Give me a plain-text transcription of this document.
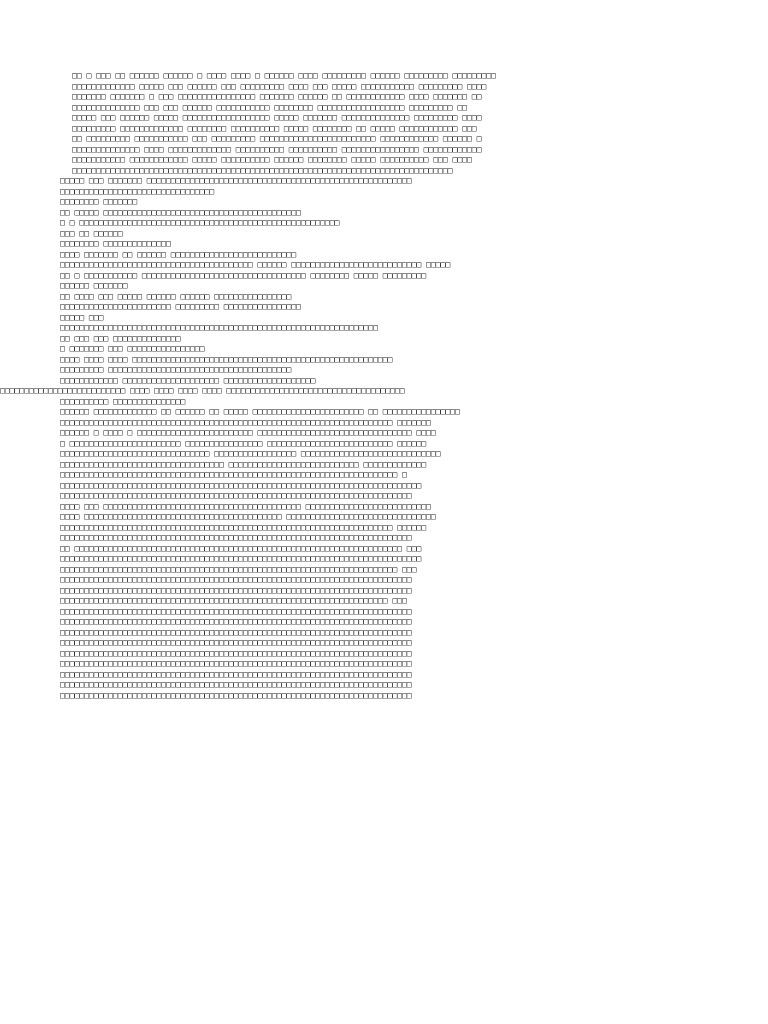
□□ □ □□□ □□ □□□□□□ □□□□□□ □ □□□□ □□□□ □ □□□□□□ □□□□ □□□□□□□□□ □□□□□□ □□□□□□□□□ □□□□□□□□□
□□□□□□□□□□□□□ □□□□□ □□□ □□□□□□ □□□ □□□□□□□□□ □□□□ □□□ □□□□□ □□□□□□□□□□□ □□□□□□□□□ □□□□
□□□□□□□ □□□□□□□ □ □□□ □□□□□□□□□□□□□□□□ □□□□□□□ □□□□□□ □□ □□□□□□□□□□□□ □□□□ □□□□□□□ □□
□□□□□□□□□□□□□□ □□□ □□□ □□□□□□ □□□□□□□□□□□ □□□□□□□□ □□□□□□□□□□□□□□□□□□ □□□□□□□□□ □□
□□□□□ □□□ □□□□□□ □□□□□ □□□□□□□□□□□□□□□□□□ □□□□□ □□□□□□□ □□□□□□□□□□□□□□ □□□□□□□□□ □□□□
□□□□□□□□□ □□□□□□□□□□□□□ □□□□□□□□ □□□□□□□□□□ □□□□□ □□□□□□□□ □□ □□□□□ □□□□□□□□□□□□ □□□
□□ □□□□□□□□□ □□□□□□□□□□□ □□□ □□□□□□□□□ □□□□□□□□□□□□□□□□□□□□□□□□ □□□□□□□□□□□□ □□□□□□ □
□□□□□□□□□□□□□□ □□□□ □□□□□□□□□□□□□ □□□□□□□□□□ □□□□□□□□□□ □□□□□□□□□□□□□□□□ □□□□□□□□□□□□
□□□□□□□□□□□ □□□□□□□□□□□□ □□□□□ □□□□□□□□□□ □□□□□□ □□□□□□□□ □□□□□ □□□□□□□□□□ □□□ □□□□
□□□□□□□□□□□□□□□□□□□□□□□□□□□□□□□□□□□□□□□□□□□□□□□□□□□□□□□□□□□□□□□□□□□□□□□□□□□□□□□
□□□□□ □□□ □□□□□□□ □□□□□□□□□□□□□□□□□□□□□□□□□□□□□□□□□□□□□□□□□□□□□□□□□□□□□□□
□□□□□□□□□□□□□□□□□□□□□□□□□□□□□□□□
□□□□□□□□ □□□□□□□
□□ □□□□□ □□□□□□□□□□□□□□□□□□□□□□□□□□□□□□□□□□□□□□□□□
□ □ □□□□□□□□□□□□□□□□□□□□□□□□□□□□□□□□□□□□□□□□□□□□□□□□□□□□□□
□□□ □□ □□□□□□
□□□□□□□□ □□□□□□□□□□□□□□
□□□□ □□□□□□□ □□ □□□□□□ □□□□□□□□□□□□□□□□□□□□□□□□□□
□□□□□□□□□□□□□□□□□□□□□□□□□□□□□□□□□□□□□□□□ □□□□□□ □□□□□□□□□□□□□□□□□□□□□□□□□□□ □□□□□
□□ □ □□□□□□□□□□□ □□□□□□□□□□□□□□□□□□□□□□□□□□□□□□□□□□ □□□□□□□□ □□□□□ □□□□□□□□□
□□□□□□ □□□□□□□
□□ □□□□ □□□ □□□□□ □□□□□□ □□□□□□ □□□□□□□□□□□□□□□□
□□□□□□□□□□□□□□□□□□□□□□□ □□□□□□□□□ □□□□□□□□□□□□□□□□
□□□□□ □□□
□□□□□□□□□□□□□□□□□□□□□□□□□□□□□□□□□□□□□□□□□□□□□□□□□□□□□□□□□□□□□□□□□□
□□ □□□ □□□ □□□□□□□□□□□□□□
□ □□□□□□□ □□□ □□□□□□□□□□□□□□□□
□□□□ □□□□ □□□□ □□□□□□□□□□□□□□□□□□□□□□□□□□□□□□□□□□□□□□□□□□□□□□□□□□□□□□
□□□□□□□□□ □□□□□□□□□□□□□□□□□□□□□□□□□□□□□□□□□□□□□□
□□□□□□□□□□□□ □□□□□□□□□□□□□□□□□□□□ □□□□□□□□□□□□□□□□□□□
□□□□□□□□□□□□□□□□□□□□□□□□□□ □□□□ □□□□ □□□□ □□□□ □□□□□□□□□□□□□□□□□□□□□□□□□□□□□□□□□□□□□
□□□□□□□□□□ □□□□□□□□□□□□□□□
□□□□□□ □□□□□□□□□□□□□ □□ □□□□□□ □□ □□□□□ □□□□□□□□□□□□□□□□□□□□□□□ □□ □□□□□□□□□□□□□□□□
□□□□□□□□□□□□□□□□□□□□□□□□□□□□□□□□□□□□□□□□□□□□□□□□□□□□□□□□□□□□□□□□□□□□□ □□□□□□□
□□□□□□ □ □□□□ □ □□□□□□□□□□□□□□□□□□□□□□□□ □□□□□□□□□□□□□□□□□□□□□□□□□□□□□□□□ □□□□
□ □□□□□□□□□□□□□□□□□□□□□□□ □□□□□□□□□□□□□□□□ □□□□□□□□□□□□□□□□□□□□□□□□□□ □□□□□□
□□□□□□□□□□□□□□□□□□□□□□□□□□□□□□□ □□□□□□□□□□□□□□□□□ □□□□□□□□□□□□□□□□□□□□□□□□□□□□□
□□□□□□□□□□□□□□□□□□□□□□□□□□□□□□□□□□ □□□□□□□□□□□□□□□□□□□□□□□□□□□ □□□□□□□□□□□□□
□□□□□□□□□□□□□□□□□□□□□□□□□□□□□□□□□□□□□□□□□□□□□□□□□□□□□□□□□□□□□□□□□□□□□□ □
□□□□□□□□□□□□□□□□□□□□□□□□□□□□□□□□□□□□□□□□□□□□□□□□□□□□□□□□□□□□□□□□□□□□□□□□□□□
□□□□□□□□□□□□□□□□□□□□□□□□□□□□□□□□□□□□□□□□□□□□□□□□□□□□□□□□□□□□□□□□□□□□□□□□□
□□□□ □□□ □□□□□□□□□□□□□□□□□□□□□□□□□□□□□□□□□□□□□□□□□ □□□□□□□□□□□□□□□□□□□□□□□□□□
□□□□ □□□□□□□□□□□□□□□□□□□□□□□□□□□□□□□□□□□□□□□□□ □□□□□□□□□□□□□□□□□□□□□□□□□□□□□□□
□□□□□□□□□□□□□□□□□□□□□□□□□□□□□□□□□□□□□□□□□□□□□□□□□□□□□□□□□□□□□□□□□□□□□ □□□□□□
□□□□□□□□□□□□□□□□□□□□□□□□□□□□□□□□□□□□□□□□□□□□□□□□□□□□□□□□□□□□□□□□□□□□□□□□□
□□ □□□□□□□□□□□□□□□□□□□□□□□□□□□□□□□□□□□□□□□□□□□□□□□□□□□□□□□□□□□□□□□□□□□□ □□□
□□□□□□□□□□□□□□□□□□□□□□□□□□□□□□□□□□□□□□□□□□□□□□□□□□□□□□□□□□□□□□□□□□□□□□□□□□□
□□□□□□□□□□□□□□□□□□□□□□□□□□□□□□□□□□□□□□□□□□□□□□□□□□□□□□□□□□□□□□□□□□□□□□ □□□
□□□□□□□□□□□□□□□□□□□□□□□□□□□□□□□□□□□□□□□□□□□□□□□□□□□□□□□□□□□□□□□□□□□□□□□□□
□□□□□□□□□□□□□□□□□□□□□□□□□□□□□□□□□□□□□□□□□□□□□□□□□□□□□□□□□□□□□□□□□□□□□□□□□
□□□□□□□□□□□□□□□□□□□□□□□□□□□□□□□□□□□□□□□□□□□□□□□□□□□□□□□□□□□□□□□□□□□□ □□□
□□□□□□□□□□□□□□□□□□□□□□□□□□□□□□□□□□□□□□□□□□□□□□□□□□□□□□□□□□□□□□□□□□□□□□□□□
□□□□□□□□□□□□□□□□□□□□□□□□□□□□□□□□□□□□□□□□□□□□□□□□□□□□□□□□□□□□□□□□□□□□□□□□□
□□□□□□□□□□□□□□□□□□□□□□□□□□□□□□□□□□□□□□□□□□□□□□□□□□□□□□□□□□□□□□□□□□□□□□□□□
□□□□□□□□□□□□□□□□□□□□□□□□□□□□□□□□□□□□□□□□□□□□□□□□□□□□□□□□□□□□□□□□□□□□□□□□□
□□□□□□□□□□□□□□□□□□□□□□□□□□□□□□□□□□□□□□□□□□□□□□□□□□□□□□□□□□□□□□□□□□□□□□□□□
□□□□□□□□□□□□□□□□□□□□□□□□□□□□□□□□□□□□□□□□□□□□□□□□□□□□□□□□□□□□□□□□□□□□□□□□□
□□□□□□□□□□□□□□□□□□□□□□□□□□□□□□□□□□□□□□□□□□□□□□□□□□□□□□□□□□□□□□□□□□□□□□□□□
□□□□□□□□□□□□□□□□□□□□□□□□□□□□□□□□□□□□□□□□□□□□□□□□□□□□□□□□□□□□□□□□□□□□□□□□□
□□□□□□□□□□□□□□□□□□□□□□□□□□□□□□□□□□□□□□□□□□□□□□□□□□□□□□□□□□□□□□□□□□□□□□□□□
